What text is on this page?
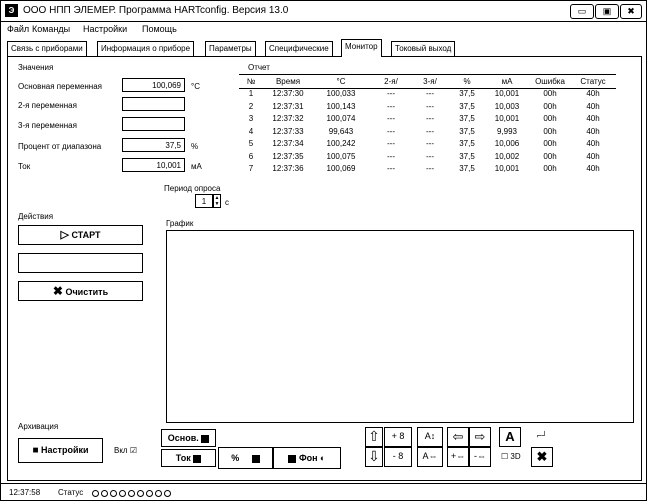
Э ООО НПП ЭЛЕМЕР. Программа HARTconfig. Версия 13.0	▭	▣	✖
Файл Команды Настройки Помощь
Связь с приборами	Информация о приборе	Параметры	Специфические	Монитор	Токовый выход
Значения
Основная переменная	100,069	°C
2-я переменная
3-я переменная
Процент от диапазона	37,5	%
Ток	10,001	мА
Период опроса
1	▲
▼ с
Отчет
№	Время	°C	2-я/	3-я/	%	мА	Ошибка	Статус
1	12:37:30	100,033	---	---	37,5	10,001	00h	40h
2	12:37:31	100,143	---	---	37,5	10,003	00h	40h
3	12:37:32	100,074	---	---	37,5	10,001	00h	40h
4	12:37:33	99,643	---	---	37,5	9,993	00h	40h
5	12:37:34	100,242	---	---	37,5	10,006	00h	40h
6	12:37:35	100,075	---	---	37,5	10,002	00h	40h
7	12:37:36	100,069	---	---	37,5	10,001	00h	40h
Действия
▷ СТАРТ
✖ Очистить
График
Архивация
■ Настройки	Вкл ☑
Основ.
Ток	%	Фон ◐
⇧
⇩
+ 8
- 8
A↕
A⇔
⇦ ⇨
+⇔ -⇔
A
☐ 3D
⌐┘
✖
12:37:58 Статус
